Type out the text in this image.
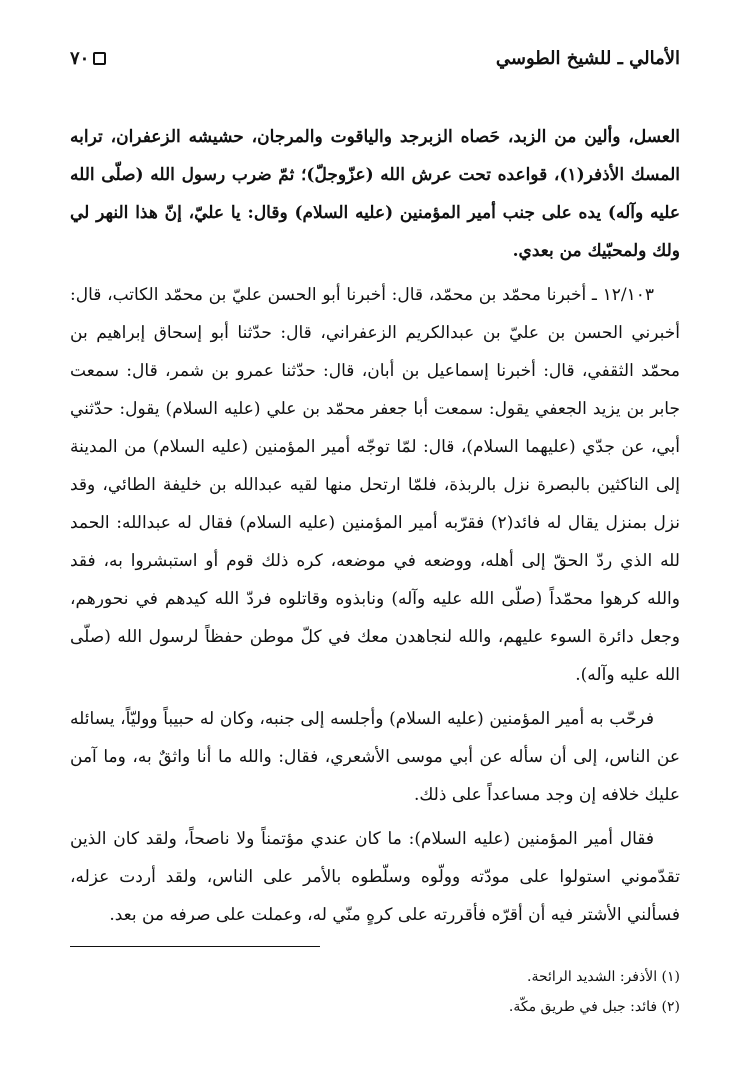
٧٠	الأمالي ـ للشيخ الطوسي

العسل، وألين من الزبد، حَصاه الزبرجد والياقوت والمرجان، حشيشه الزعفران، ترابه المسك الأذفر(١)، قواعده تحت عرش الله (عزّوجلّ)؛ ثمّ ضرب رسول الله (صلّى الله عليه وآله) يده على جنب أمير المؤمنين (عليه السلام) وقال: يا عليّ، إنّ هذا النهر لي ولك ولمحبّيك من بعدي.

١٢/١٠٣ ـ أخبرنا محمّد بن محمّد، قال: أخبرنا أبو الحسن عليّ بن محمّد الكاتب، قال: أخبرني الحسن بن عليّ بن عبدالكريم الزعفراني، قال: حدّثنا أبو إسحاق إبراهيم بن محمّد الثقفي، قال: أخبرنا إسماعيل بن أبان، قال: حدّثنا عمرو بن شمر، قال: سمعت جابر بن يزيد الجعفي يقول: سمعت أبا جعفر محمّد بن علي (عليه السلام) يقول: حدّثني أبي، عن جدّي (عليهما السلام)، قال: لمّا توجّه أمير المؤمنين (عليه السلام) من المدينة إلى الناكثين بالبصرة نزل بالربذة، فلمّا ارتحل منها لقيه عبدالله بن خليفة الطائي، وقد نزل بمنزل يقال له فائد(٢) فقرّبه أمير المؤمنين (عليه السلام) فقال له عبدالله: الحمد لله الذي ردّ الحقّ إلى أهله، ووضعه في موضعه، كره ذلك قوم أو استبشروا به، فقد والله كرهوا محمّداً (صلّى الله عليه وآله) ونابذوه وقاتلوه فردّ الله كيدهم في نحورهم، وجعل دائرة السوء عليهم، والله لنجاهدن معك في كلّ موطن حفظاً لرسول الله (صلّى الله عليه وآله).

فرحّب به أمير المؤمنين (عليه السلام) وأجلسه إلى جنبه، وكان له حبيباً ووليّاً، يسائله عن الناس، إلى أن سأله عن أبي موسى الأشعري، فقال: والله ما أنا واثقٌ به، وما آمن عليك خلافه إن وجد مساعداً على ذلك.

فقال أمير المؤمنين (عليه السلام): ما كان عندي مؤتمناً ولا ناصحاً، ولقد كان الذين تقدّموني استولوا على مودّته وولّوه وسلّطوه بالأمر على الناس، ولقد أردت عزله، فسألني الأشتر فيه أن أقرّه فأقررته على كرهٍ منّي له، وعملت على صرفه من بعد.

(١) الأذفر: الشديد الرائحة.

(٢) فائد: جبل في طريق مكّة.
